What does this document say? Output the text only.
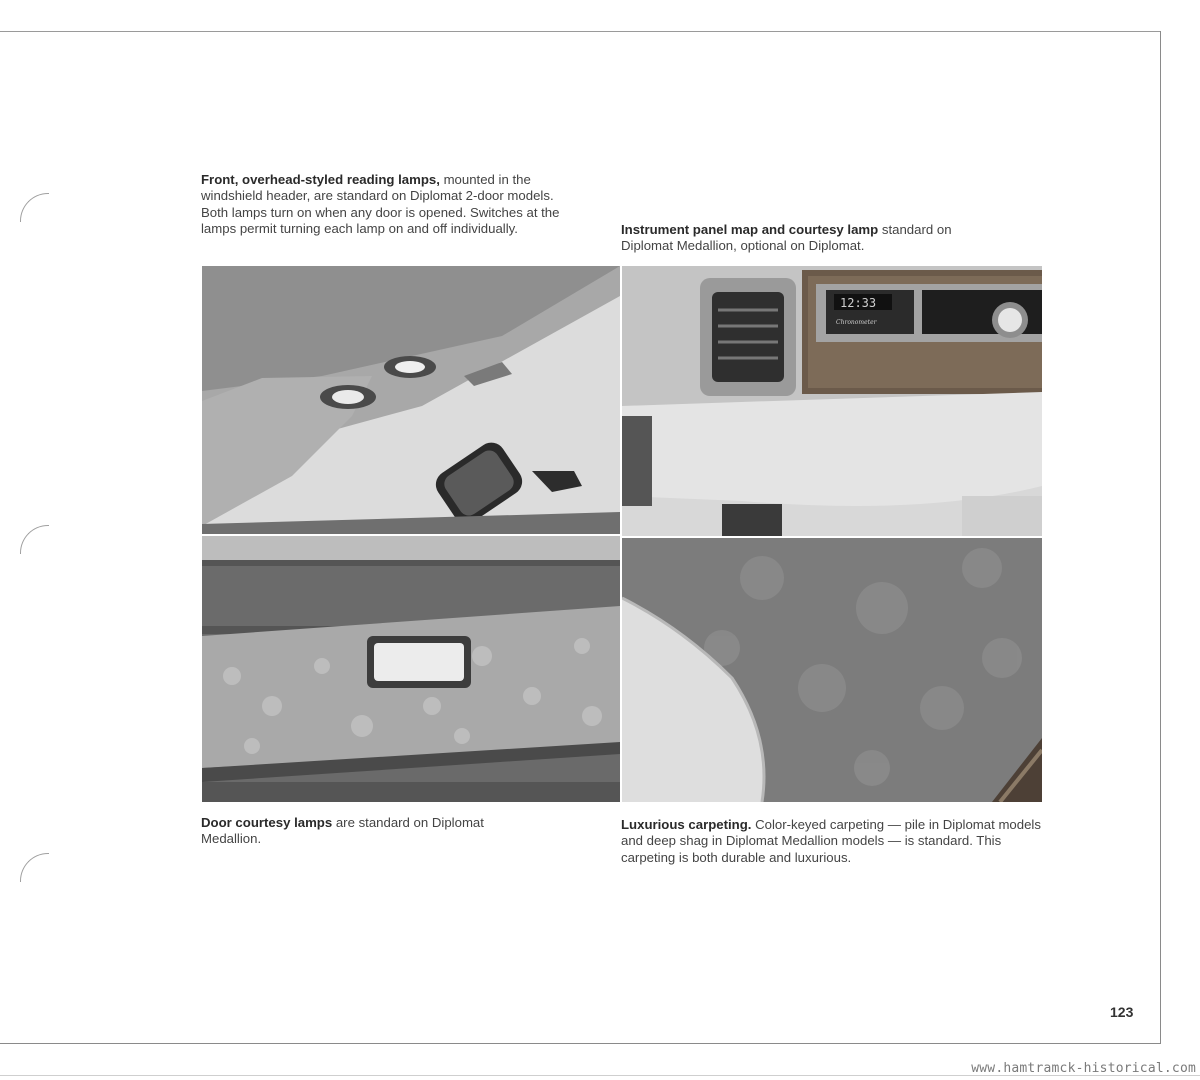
Front, overhead-styled reading lamps, mounted in the windshield header, are standard on Diplomat 2-door models. Both lamps turn on when any door is opened. Switches at the lamps permit turning each lamp on and off individually.	Instrument panel map and courtesy lamp standard on Diplomat Medallion, optional on Diplomat.
12:33
Chronometer
Door courtesy lamps are standard on Diplomat Medallion.
Luxurious carpeting. Color-keyed carpeting — pile in Diplomat models and deep shag in Diplomat Medallion models — is standard. This carpeting is both durable and luxurious.
123
www.hamtramck-historical.com
